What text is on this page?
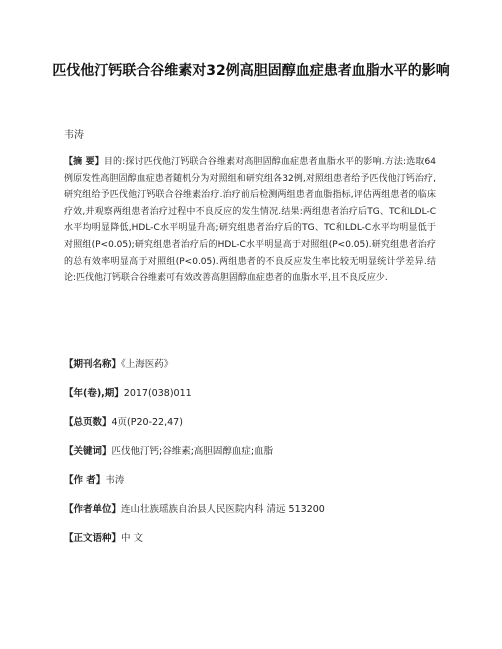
匹伐他汀钙联合谷维素对32例高胆固醇血症患者血脂水平的影响
韦涛

【摘 要】目的:探讨匹伐他汀钙联合谷维素对高胆固醇血症患者血脂水平的影响.方法:选取64例原发性高胆固醇血症患者随机分为对照组和研究组各32例,对照组患者给予匹伐他汀钙治疗,研究组给予匹伐他汀钙联合谷维素治疗.治疗前后检测两组患者血脂指标,评估两组患者的临床疗效,并观察两组患者治疗过程中不良反应的发生情况.结果:两组患者治疗后TG、TC和LDL-C水平均明显降低,HDL-C水平明显升高;研究组患者治疗后的TG、TC和LDL-C水平均明显低于对照组(P<0.05);研究组患者治疗后的HDL-C水平明显高于对照组(P<0.05).研究组患者治疗的总有效率明显高于对照组(P<0.05).两组患者的不良反应发生率比较无明显统计学差异.结论:匹伐他汀钙联合谷维素可有效改善高胆固醇血症患者的血脂水平,且不良反应少.

【期刊名称】《上海医药》
【年(卷),期】2017(038)011
【总页数】4页(P20-22,47)
【关键词】匹伐他汀钙;谷维素;高胆固醇血症;血脂
【作 者】韦涛
【作者单位】连山壮族瑶族自治县人民医院内科 清远 513200
【正文语种】中 文
